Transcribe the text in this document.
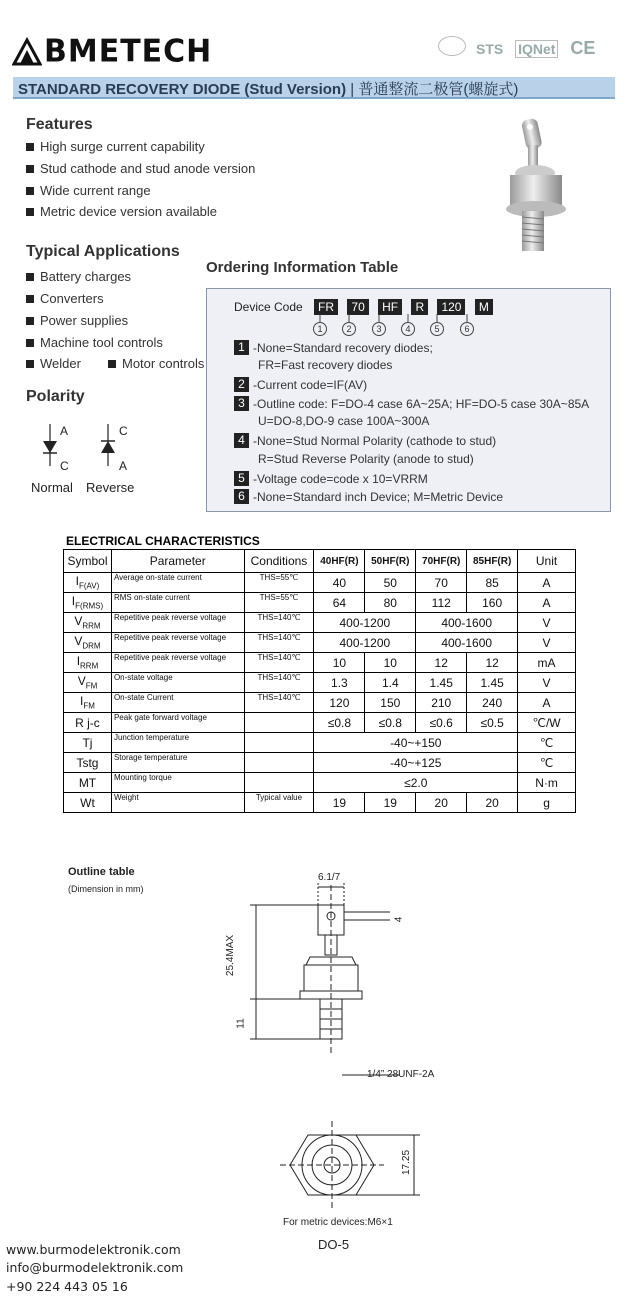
BMETECH	STS IQNet CE
STANDARD RECOVERY DIODE (Stud Version) | 普通整流二极管(螺旋式)
Features
High surge current capability
Stud cathode and stud anode version
Wide current range
Metric device version available
Typical Applications
Battery charges
Converters
Power supplies
Machine tool controls
Welder	Motor controls
Polarity
A
C
C
A
Normal Reverse
Ordering Information Table
Device Code FR 70 HF R 120 M
1	2	3	4	5	6
1 -None=Standard recovery diodes;
FR=Fast recovery diodes
2 -Current code=IF(AV)
3 -Outline code: F=DO-4 case 6A~25A; HF=DO-5 case 30A~85A
U=DO-8,DO-9 case 100A~300A
4 -None=Stud Normal Polarity (cathode to stud)
R=Stud Reverse Polarity (anode to stud)
5 -Voltage code=code x 10=VRRM
6 -None=Standard inch Device; M=Metric Device
ELECTRICAL CHARACTERISTICS
Symbol	Parameter	Conditions	40HF(R)	50HF(R)	70HF(R)	85HF(R)	Unit
$I_{F(AV)}$	Average on-state current	THS=55℃	40	50	70	85	A
$I_{F(RMS)}$	RMS on-state current	THS=55℃	64	80	112	160	A
$V_{RRM}$	Repetitive peak reverse voltage	THS=140℃	400-1200		400-1600		V
$V_{DRM}$	Repetitive peak reverse voltage	THS=140℃	400-1200		400-1600		V
$I_{RRM}$	Repetitive peak reverse voltage	THS=140℃	10	10	12	12	mA
$V_{FM}$	On-state voltage	THS=140℃	1.3	1.4	1.45	1.45	V
$I_{FM}$	On-state Current	THS=140℃	120	150	210	240	A
R j-c	Peak gate forward voltage		≤0.8	≤0.8	≤0.6	≤0.5	℃/W
Tj	Junction temperature		-40~+150				℃
Tstg	Storage temperature		-40~+125				℃
MT	Mounting torque		≤2.0				N·m
Wt	Weight	Typical value	19	19	20	20	g
Outline table
(Dimension in mm)
6.1/7
4
25.4MAX
11
1/4” 28UNF-2A
17.25
For metric devices:M6×1
DO-5
www.burmodelektronik.com
info@burmodelektronik.com
+90 224 443 05 16
